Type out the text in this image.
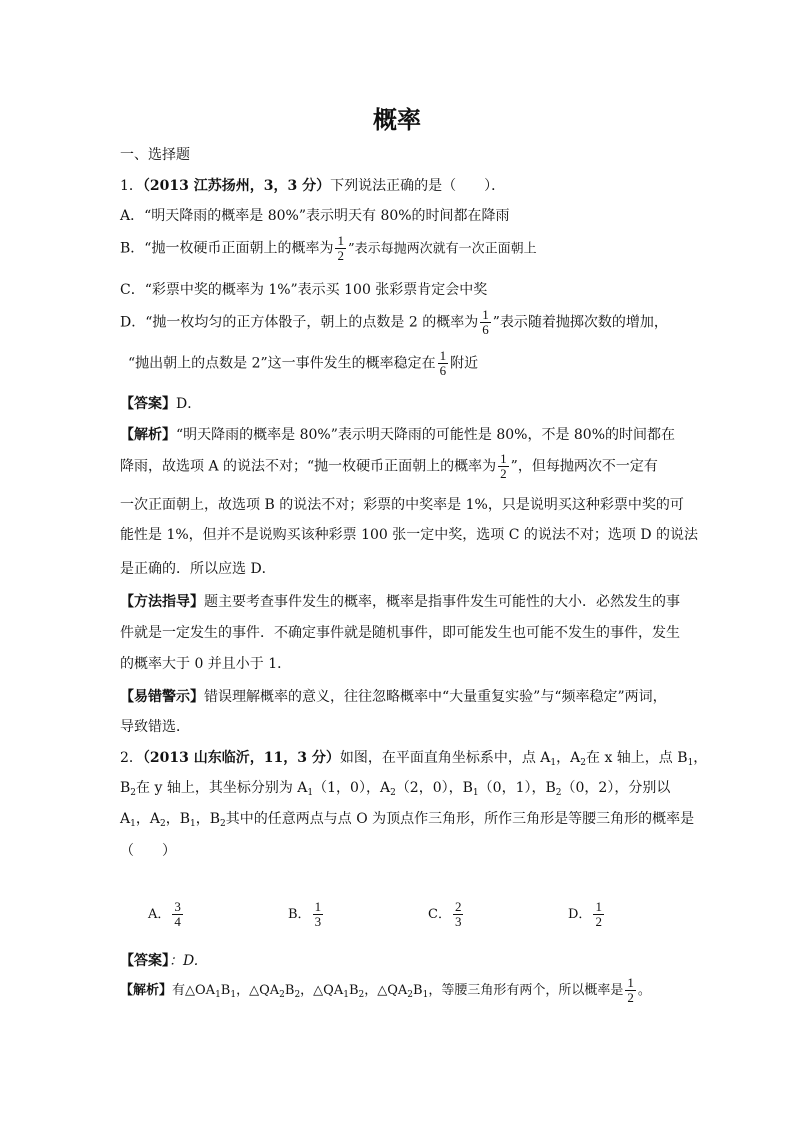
概率
一、选择题
1．（2013 江苏扬州，3，3 分）下列说法正确的是（　　）．
A．“明天降雨的概率是 80%”表示明天有 80%的时间都在降雨
B．“抛一枚硬币正面朝上的概率为 $\frac{1}{2}$ ”表示每抛两次就有一次正面朝上
C．“彩票中奖的概率为 1%”表示买 100 张彩票肯定会中奖
D．“抛一枚均匀的正方体骰子，朝上的点数是 2 的概率为 $\frac{1}{6}$ ”表示随着抛掷次数的增加，
“抛出朝上的点数是 2”这一事件发生的概率稳定在 $\frac{1}{6}$ 附近
【答案】D．
【解析】“明天降雨的概率是 80%”表示明天降雨的可能性是 80%，不是 80%的时间都在
降雨，故选项 A 的说法不对；“抛一枚硬币正面朝上的概率为 $\frac{1}{2}$ ”，但每抛两次不一定有
一次正面朝上，故选项 B 的说法不对；彩票的中奖率是 1%，只是说明买这种彩票中奖的可
能性是 1%，但并不是说购买该种彩票 100 张一定中奖，选项 C 的说法不对；选项 D 的说法
是正确的．所以应选 D．
【方法指导】题主要考查事件发生的概率，概率是指事件发生可能性的大小．必然发生的事
件就是一定发生的事件．不确定事件就是随机事件，即可能发生也可能不发生的事件，发生
的概率大于 0 并且小于 1．
【易错警示】错误理解概率的意义，往往忽略概率中“大量重复实验”与“频率稳定”两词，
导致错选．
2．（2013 山东临沂，11，3 分）如图，在平面直角坐标系中，点 $A_1$，$A_2$在 x 轴上，点 $B_1$，
$B_2$在 y 轴上，其坐标分别为 $A_1(1$，0），$A_2(2$，0），$B_1(0$，1），$B_2(0$，2），分别以
$A_1$，$A_2$，$B_1$，$B_2$其中的任意两点与点 O 为顶点作三角形，所作三角形是等腰三角形的概率是
（　　）
A． $\frac{3}{4}$	B． $\frac{1}{3}$	C． $\frac{2}{3}$	D． $\frac{1}{2}$
【答案】：D.
【解析】有$\triangle OA_1B_1$，$\triangle QA_2B_2$，$\triangle QA_1B_2$，$\triangle QA_2B_1$，等腰三角形有两个，所以概率是 $\frac{1}{2}$ 。
